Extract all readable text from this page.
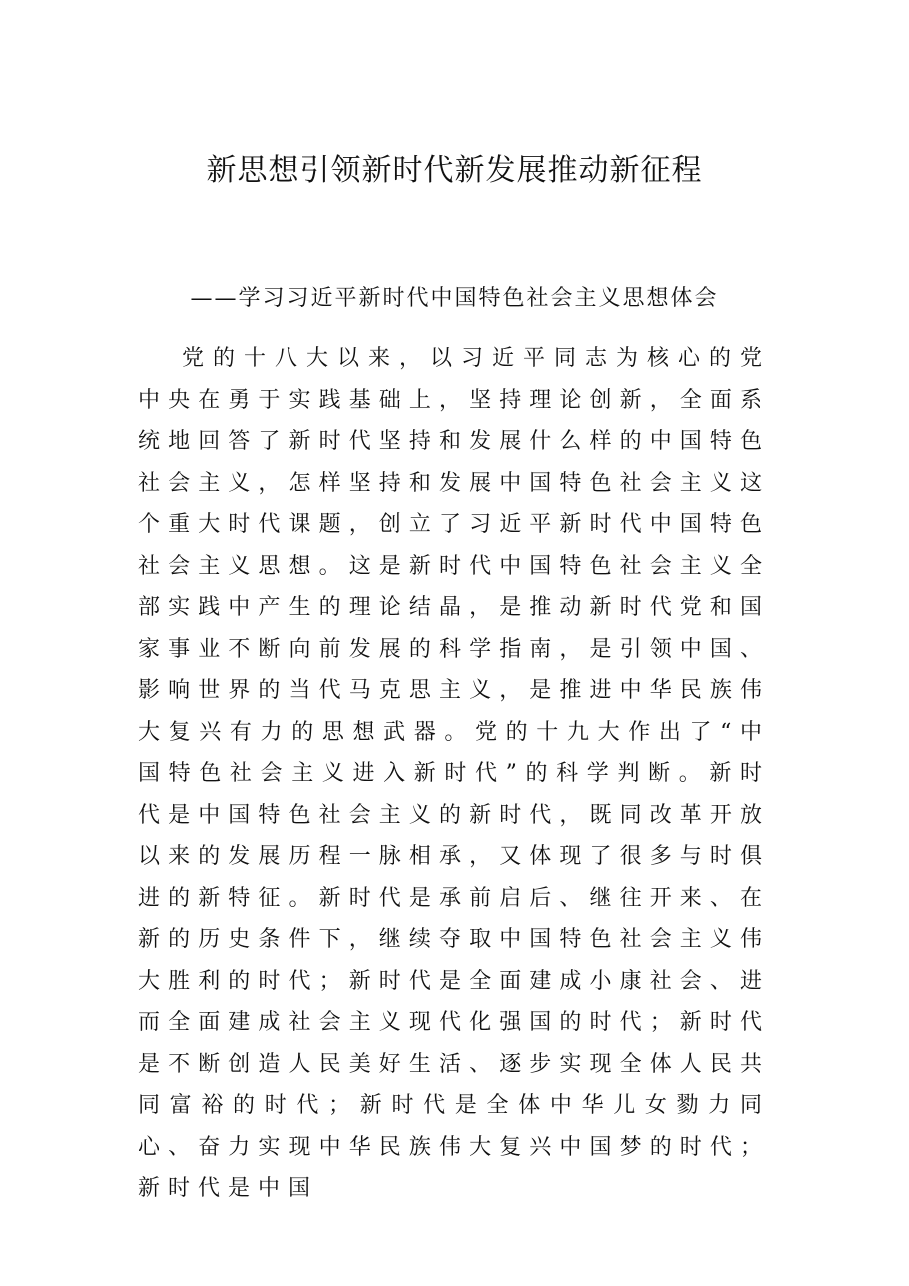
新思想引领新时代新发展推动新征程
——学习习近平新时代中国特色社会主义思想体会

党的十八大以来，以习近平同志为核心的党中央在勇于实践基础上，坚持理论创新，全面系统地回答了新时代坚持和发展什么样的中国特色社会主义，怎样坚持和发展中国特色社会主义这个重大时代课题，创立了习近平新时代中国特色社会主义思想。这是新时代中国特色社会主义全部实践中产生的理论结晶，是推动新时代党和国家事业不断向前发展的科学指南，是引领中国、影响世界的当代马克思主义，是推进中华民族伟大复兴有力的思想武器。党的十九大作出了“中国特色社会主义进入新时代”的科学判断。新时代是中国特色社会主义的新时代，既同改革开放以来的发展历程一脉相承，又体现了很多与时俱进的新特征。新时代是承前启后、继往开来、在新的历史条件下，继续夺取中国特色社会主义伟大胜利的时代；新时代是全面建成小康社会、进而全面建成社会主义现代化强国的时代；新时代是不断创造人民美好生活、逐步实现全体人民共同富裕的时代；新时代是全体中华儿女勠力同心、奋力实现中华民族伟大复兴中国梦的时代；新时代是中国
